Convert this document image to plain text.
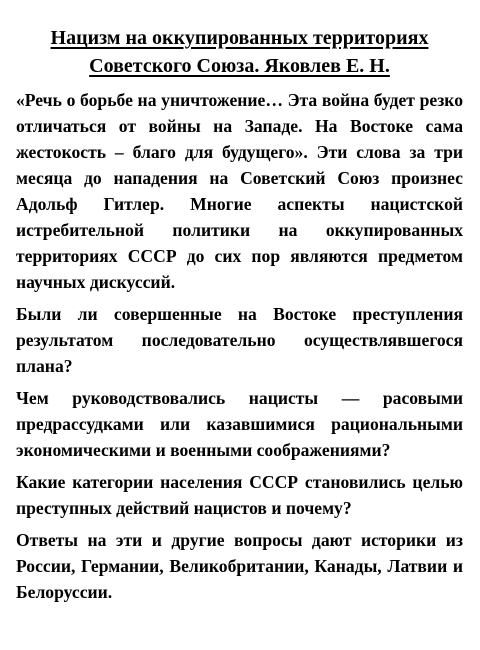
Нацизм на оккупированных территориях
Советского Союза. Яковлев Е. Н.

«Речь о борьбе на уничтожение… Эта война будет резко отличаться от войны на Западе. На Востоке сама жестокость – благо для будущего». Эти слова за три месяца до нападения на Советский Союз произнес Адольф Гитлер. Многие аспекты нацистской истребительной политики на оккупированных территориях СССР до сих пор являются предметом научных дискуссий.

Были ли совершенные на Востоке преступления результатом последовательно осуществлявшегося плана?

Чем руководствовались нацисты — расовыми предрассудками или казавшимися рациональными экономическими и военными соображениями?

Какие категории населения СССР становились целью преступных действий нацистов и почему?

Ответы на эти и другие вопросы дают историки из России, Германии, Великобритании, Канады, Латвии и Белоруссии.
